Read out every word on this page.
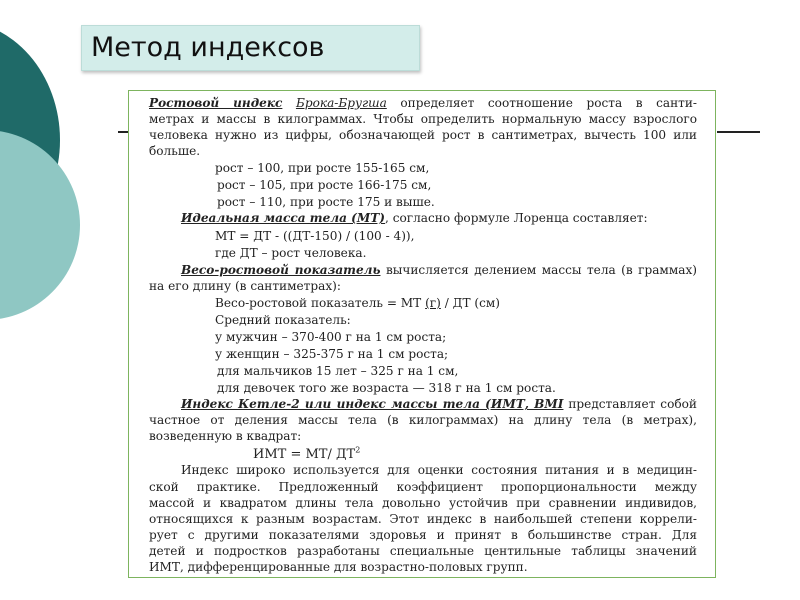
Метод индексов
Ростовой индекс Брока-Бругша определяет соотношение роста в санти-
метрах и массы в килограммах. Чтобы определить нормальную массу взрослого
человека нужно из цифры, обозначающей рост в сантиметрах, вычесть 100 или
больше.
рост – 100, при росте 155-165 см,
рост – 105, при росте 166-175 см,
рост – 110, при росте 175 и выше.
Идеальная масса тела (МТ), согласно формуле Лоренца составляет:
МТ = ДТ - ((ДТ-150) / (100 - 4)),
где ДТ – рост человека.
Весо-ростовой показатель вычисляется делением массы тела (в граммах)
на его длину (в сантиметрах):
Весо-ростовой показатель = МТ (г) / ДТ (см)
Средний показатель:
у мужчин – 370-400 г на 1 см роста;
у женщин – 325-375 г на 1 см роста;
для мальчиков 15 лет – 325 г на 1 см,
для девочек того же возраста — 318 г на 1 см роста.
Индекс Кетле-2 или индекс массы тела (ИМТ, BMI представляет собой
частное от деления массы тела (в килограммах) на длину тела (в метрах),
возведенную в квадрат:
ИМТ = МТ/ $ДТ^2$
Индекс широко используется для оценки состояния питания и в медицин-
ской практике. Предложенный коэффициент пропорциональности между
массой и квадратом длины тела довольно устойчив при сравнении индивидов,
относящихся к разным возрастам. Этот индекс в наибольшей степени коррели-
рует с другими показателями здоровья и принят в большинстве стран. Для
детей и подростков разработаны специальные центильные таблицы значений
ИМТ, дифференцированные для возрастно-половых групп.
